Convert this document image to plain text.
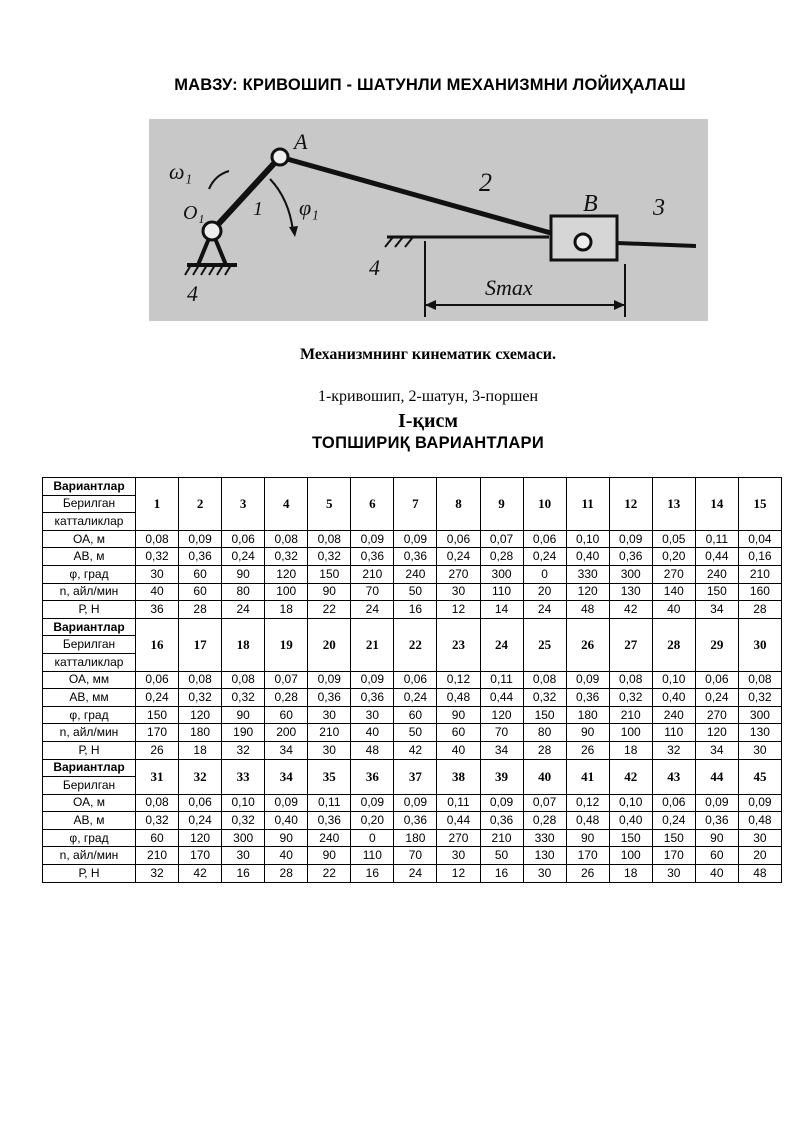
МАВЗУ: КРИВОШИП - ШАТУНЛИ МЕХАНИЗМНИ ЛОЙИҲАЛАШ
ω₁
A
B
O₁	φ₁
1
2
3
4
4
Smax
Механизмнинг кинематик схемаси.
1-кривошип, 2-шатун, 3-поршен
I-қисм
ТОПШИРИҚ ВАРИАНТЛАРИ
Вариантлар	1	2	3	4	5	6	7	8	9	10	11	12	13	14	15
Берилган															
катталиклар															
ОА, м	0,08	0,09	0,06	0,08	0,08	0,09	0,09	0,06	0,07	0,06	0,10	0,09	0,05	0,11	0,04
АВ, м	0,32	0,36	0,24	0,32	0,32	0,36	0,36	0,24	0,28	0,24	0,40	0,36	0,20	0,44	0,16
φ, град	30	60	90	120	150	210	240	270	300	0	330	300	270	240	210
n, айл/мин	40	60	80	100	90	70	50	30	110	20	120	130	140	150	160
Р, Н	36	28	24	18	22	24	16	12	14	24	48	42	40	34	28
Вариантлар	16	17	18	19	20	21	22	23	24	25	26	27	28	29	30
Берилган															
катталиклар															
ОА, мм	0,06	0,08	0,08	0,07	0,09	0,09	0,06	0,12	0,11	0,08	0,09	0,08	0,10	0,06	0,08
АВ, мм	0,24	0,32	0,32	0,28	0,36	0,36	0,24	0,48	0,44	0,32	0,36	0,32	0,40	0,24	0,32
φ, град	150	120	90	60	30	30	60	90	120	150	180	210	240	270	300
n, айл/мин	170	180	190	200	210	40	50	60	70	80	90	100	110	120	130
Р, Н	26	18	32	34	30	48	42	40	34	28	26	18	32	34	30
Вариантлар	31	32	33	34	35	36	37	38	39	40	41	42	43	44	45
Берилган															
ОА, м	0,08	0,06	0,10	0,09	0,11	0,09	0,09	0,11	0,09	0,07	0,12	0,10	0,06	0,09	0,09
АВ, м	0,32	0,24	0,32	0,40	0,36	0,20	0,36	0,44	0,36	0,28	0,48	0,40	0,24	0,36	0,48
φ, град	60	120	300	90	240	0	180	270	210	330	90	150	150	90	30
n, айл/мин	210	170	30	40	90	110	70	30	50	130	170	100	170	60	20
Р, Н	32	42	16	28	22	16	24	12	16	30	26	18	30	40	48
